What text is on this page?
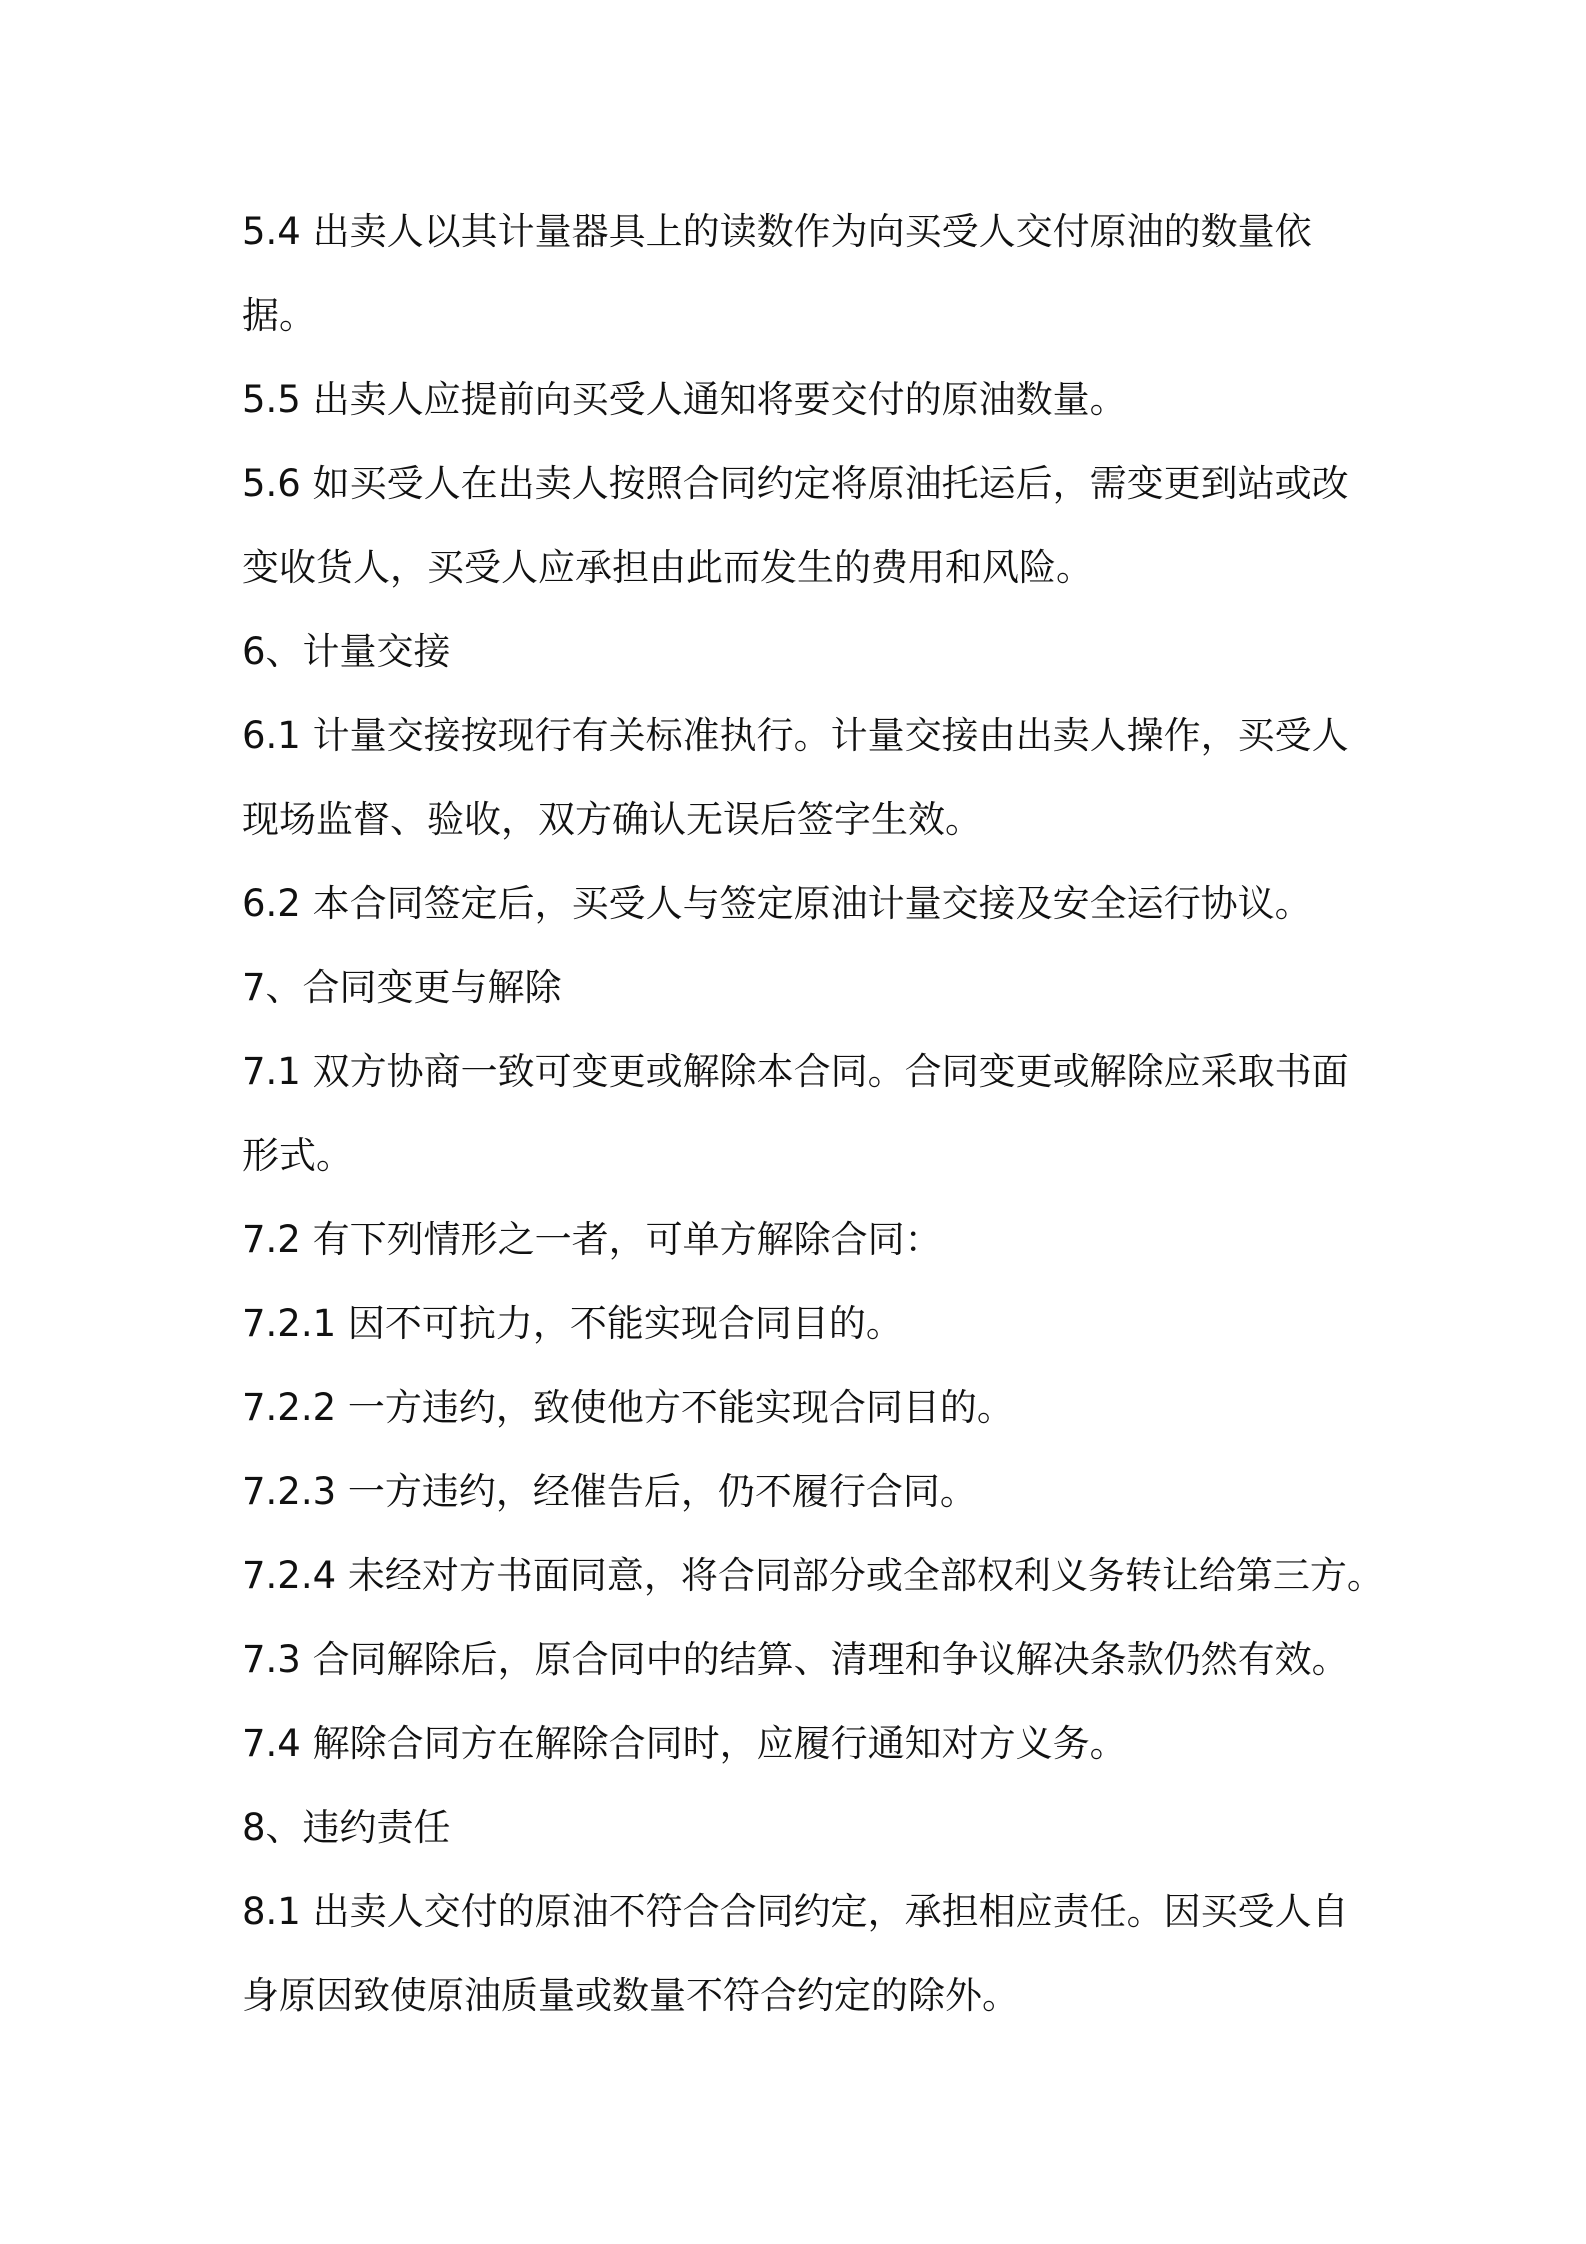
5.4 出卖人以其计量器具上的读数作为向买受人交付原油的数量依
据。
5.5 出卖人应提前向买受人通知将要交付的原油数量。
5.6 如买受人在出卖人按照合同约定将原油托运后，需变更到站或改
变收货人，买受人应承担由此而发生的费用和风险。
6、计量交接
6.1 计量交接按现行有关标准执行。计量交接由出卖人操作，买受人
现场监督、验收，双方确认无误后签字生效。
6.2 本合同签定后，买受人与签定原油计量交接及安全运行协议。
7、合同变更与解除
7.1 双方协商一致可变更或解除本合同。合同变更或解除应采取书面
形式。
7.2 有下列情形之一者，可单方解除合同：
7.2.1 因不可抗力，不能实现合同目的。
7.2.2 一方违约，致使他方不能实现合同目的。
7.2.3 一方违约，经催告后，仍不履行合同。
7.2.4 未经对方书面同意，将合同部分或全部权利义务转让给第三方。
7.3 合同解除后，原合同中的结算、清理和争议解决条款仍然有效。
7.4 解除合同方在解除合同时，应履行通知对方义务。
8、违约责任
8.1 出卖人交付的原油不符合合同约定，承担相应责任。因买受人自
身原因致使原油质量或数量不符合约定的除外。
